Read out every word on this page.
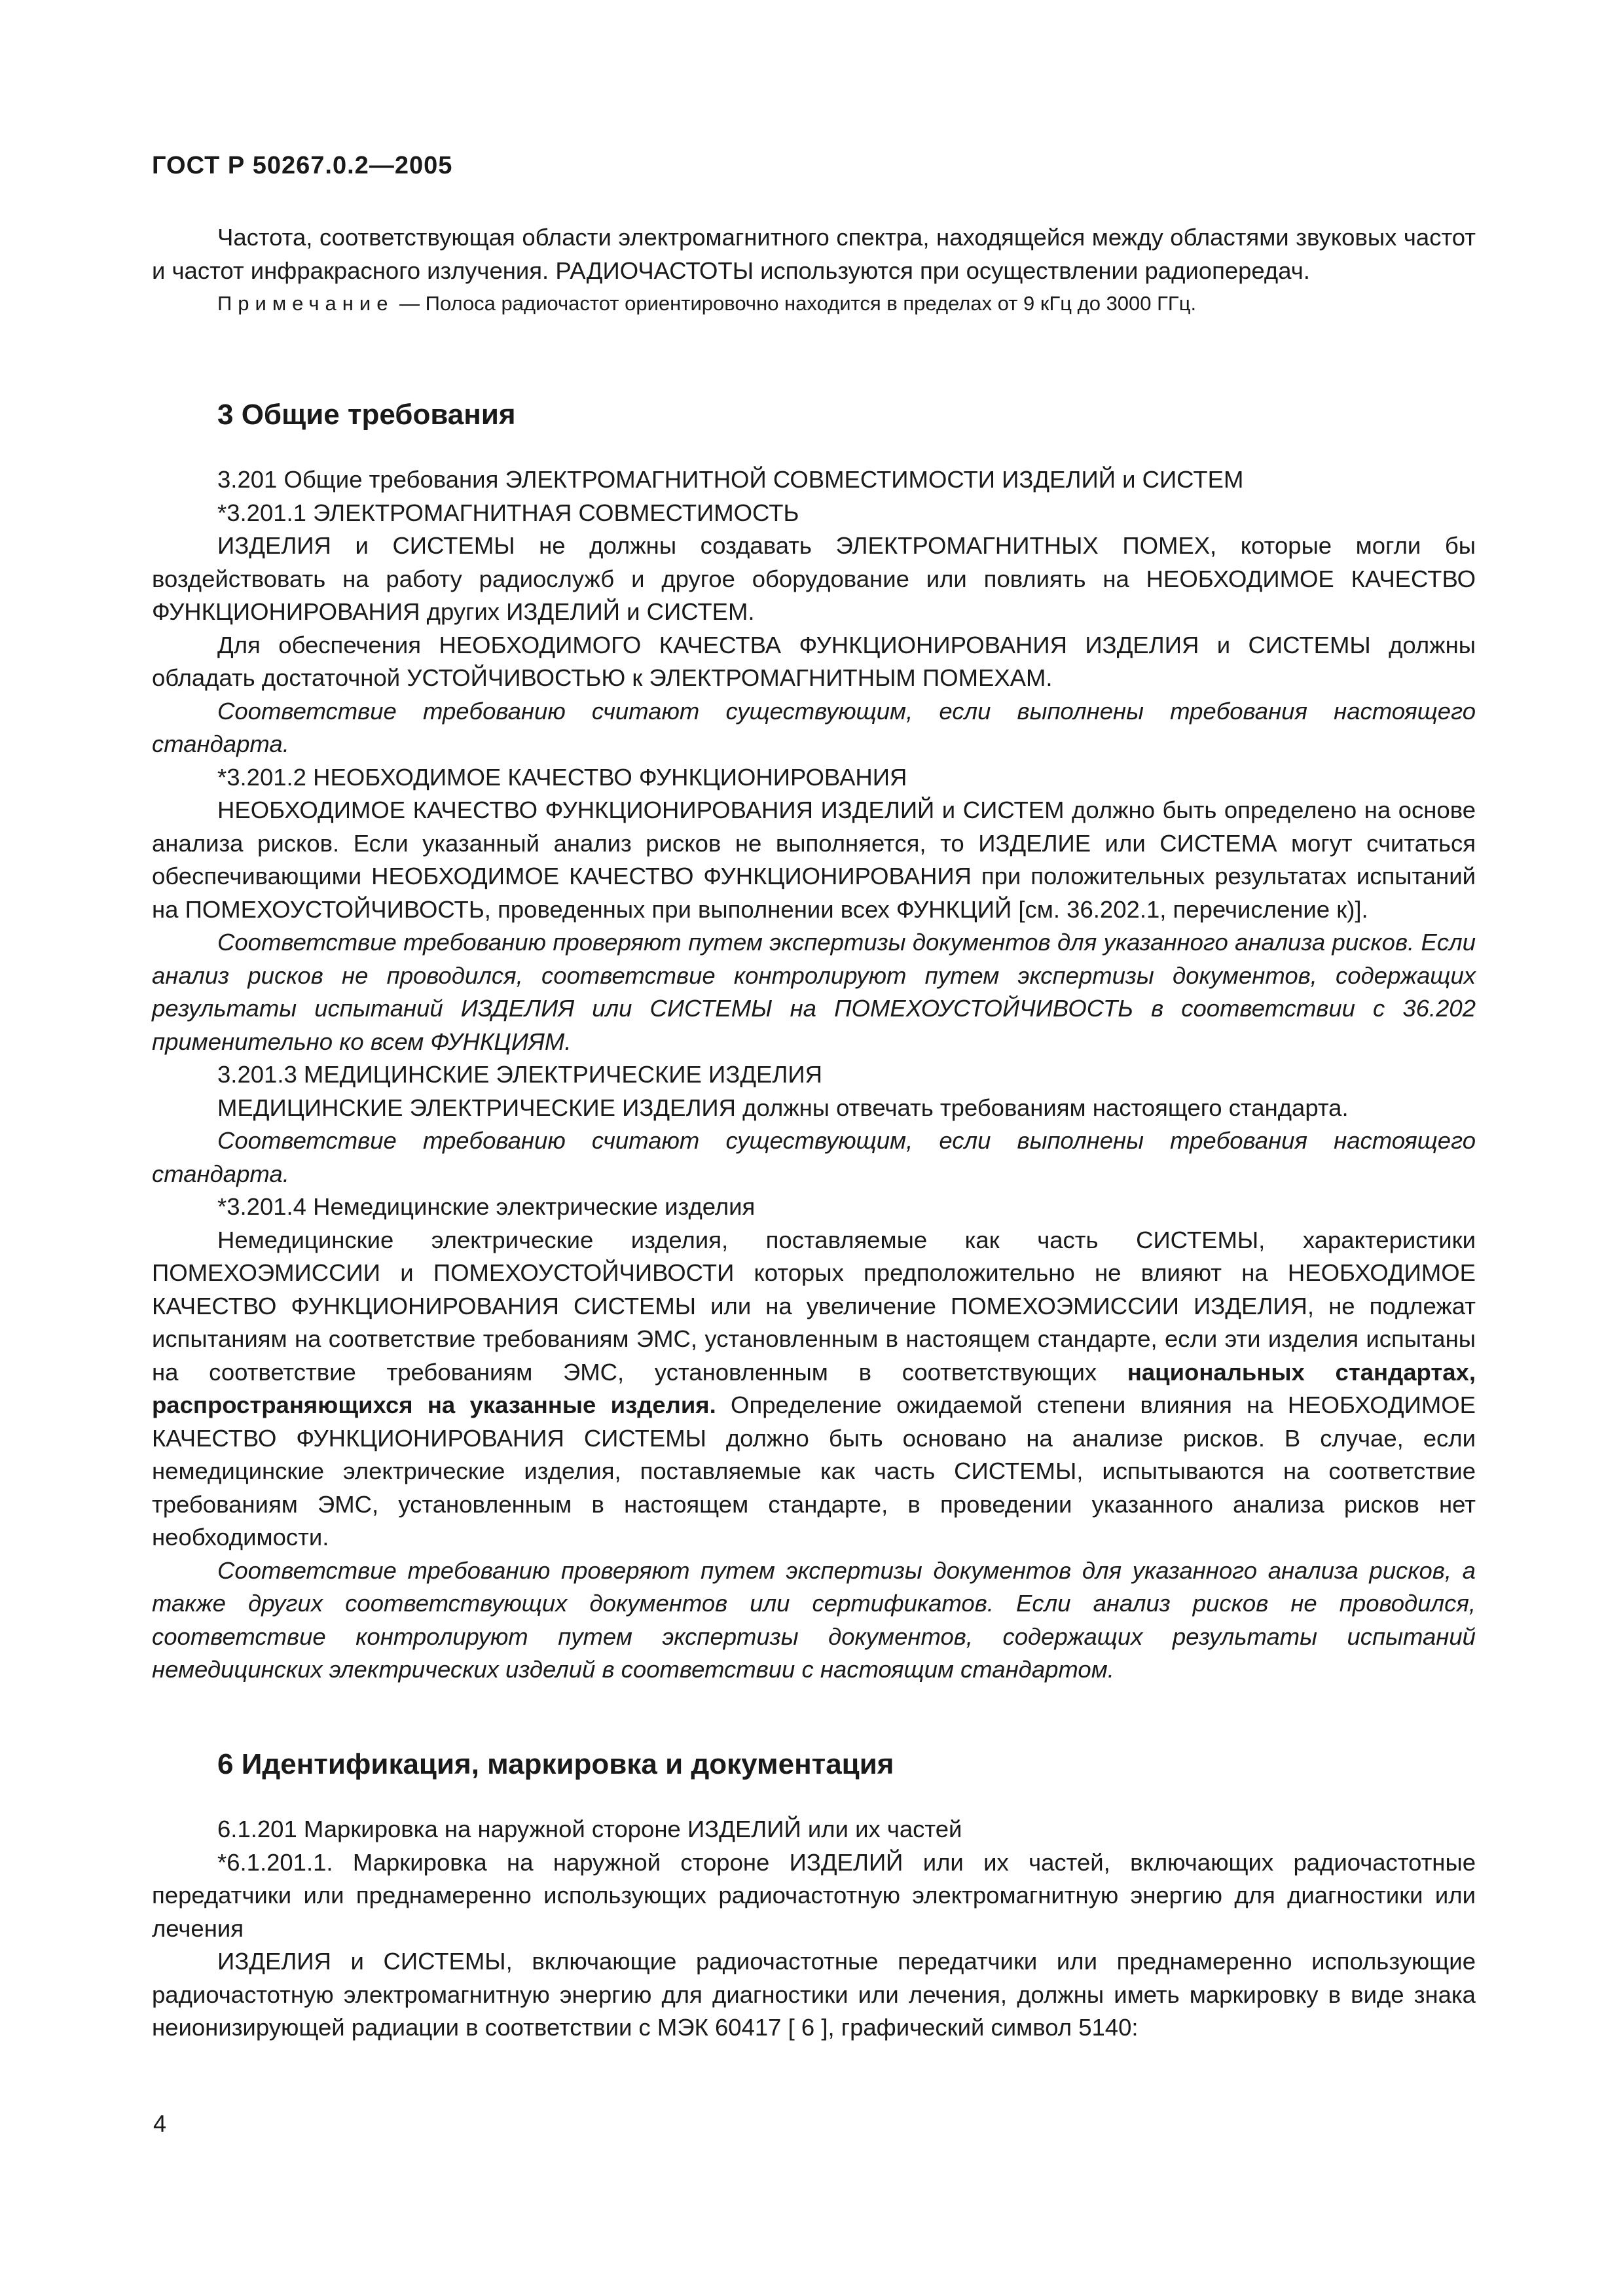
ГОСТ Р 50267.0.2—2005

Частота, соответствующая области электромагнитного спектра, находящейся между областями звуковых частот и частот инфракрасного излучения. РАДИОЧАСТОТЫ используются при осуществлении радиопередач.

Примечание — Полоса радиочастот ориентировочно находится в пределах от 9 кГц до 3000 ГГц.

3 Общие требования

3.201 Общие требования ЭЛЕКТРОМАГНИТНОЙ СОВМЕСТИМОСТИ ИЗДЕЛИЙ и СИСТЕМ

*3.201.1 ЭЛЕКТРОМАГНИТНАЯ СОВМЕСТИМОСТЬ

ИЗДЕЛИЯ и СИСТЕМЫ не должны создавать ЭЛЕКТРОМАГНИТНЫХ ПОМЕХ, которые могли бы воздействовать на работу радиослужб и другое оборудование или повлиять на НЕОБХОДИМОЕ КАЧЕСТВО ФУНКЦИОНИРОВАНИЯ других ИЗДЕЛИЙ и СИСТЕМ.

Для обеспечения НЕОБХОДИМОГО КАЧЕСТВА ФУНКЦИОНИРОВАНИЯ ИЗДЕЛИЯ и СИСТЕМЫ должны обладать достаточной УСТОЙЧИВОСТЬЮ к ЭЛЕКТРОМАГНИТНЫМ ПОМЕХАМ.

Соответствие требованию считают существующим, если выполнены требования настоящего стандарта.

*3.201.2 НЕОБХОДИМОЕ КАЧЕСТВО ФУНКЦИОНИРОВАНИЯ

НЕОБХОДИМОЕ КАЧЕСТВО ФУНКЦИОНИРОВАНИЯ ИЗДЕЛИЙ и СИСТЕМ должно быть определено на основе анализа рисков. Если указанный анализ рисков не выполняется, то ИЗДЕЛИЕ или СИСТЕМА могут считаться обеспечивающими НЕОБХОДИМОЕ КАЧЕСТВО ФУНКЦИОНИРОВАНИЯ при положительных результатах испытаний на ПОМЕХОУСТОЙЧИВОСТЬ, проведенных при выполнении всех ФУНКЦИЙ [см. 36.202.1, перечисление к)].

Соответствие требованию проверяют путем экспертизы документов для указанного анализа рисков. Если анализ рисков не проводился, соответствие контролируют путем экспертизы документов, содержащих результаты испытаний ИЗДЕЛИЯ или СИСТЕМЫ на ПОМЕХОУСТОЙЧИВОСТЬ в соответствии с 36.202 применительно ко всем ФУНКЦИЯМ.

3.201.3 МЕДИЦИНСКИЕ ЭЛЕКТРИЧЕСКИЕ ИЗДЕЛИЯ

МЕДИЦИНСКИЕ ЭЛЕКТРИЧЕСКИЕ ИЗДЕЛИЯ должны отвечать требованиям настоящего стандарта.

Соответствие требованию считают существующим, если выполнены требования настоящего стандарта.

*3.201.4 Немедицинские электрические изделия

Немедицинские электрические изделия, поставляемые как часть СИСТЕМЫ, характеристики ПОМЕХОЭМИССИИ и ПОМЕХОУСТОЙЧИВОСТИ которых предположительно не влияют на НЕОБХОДИМОЕ КАЧЕСТВО ФУНКЦИОНИРОВАНИЯ СИСТЕМЫ или на увеличение ПОМЕХОЭМИССИИ ИЗДЕЛИЯ, не подлежат испытаниям на соответствие требованиям ЭМС, установленным в настоящем стандарте, если эти изделия испытаны на соответствие требованиям ЭМС, установленным в соответствующих национальных стандартах, распространяющихся на указанные изделия. Определение ожидаемой степени влияния на НЕОБХОДИМОЕ КАЧЕСТВО ФУНКЦИОНИРОВАНИЯ СИСТЕМЫ должно быть основано на анализе рисков. В случае, если немедицинские электрические изделия, поставляемые как часть СИСТЕМЫ, испытываются на соответствие требованиям ЭМС, установленным в настоящем стандарте, в проведении указанного анализа рисков нет необходимости.

Соответствие требованию проверяют путем экспертизы документов для указанного анализа рисков, а также других соответствующих документов или сертификатов. Если анализ рисков не проводился, соответствие контролируют путем экспертизы документов, содержащих результаты испытаний немедицинских электрических изделий в соответствии с настоящим стандартом.

6 Идентификация, маркировка и документация

6.1.201 Маркировка на наружной стороне ИЗДЕЛИЙ или их частей

*6.1.201.1. Маркировка на наружной стороне ИЗДЕЛИЙ или их частей, включающих радиочастотные передатчики или преднамеренно использующих радиочастотную электромагнитную энергию для диагностики или лечения

ИЗДЕЛИЯ и СИСТЕМЫ, включающие радиочастотные передатчики или преднамеренно использующие радиочастотную электромагнитную энергию для диагностики или лечения, должны иметь маркировку в виде знака неионизирующей радиации в соответствии с МЭК 60417 [ 6 ], графический символ 5140:

4
